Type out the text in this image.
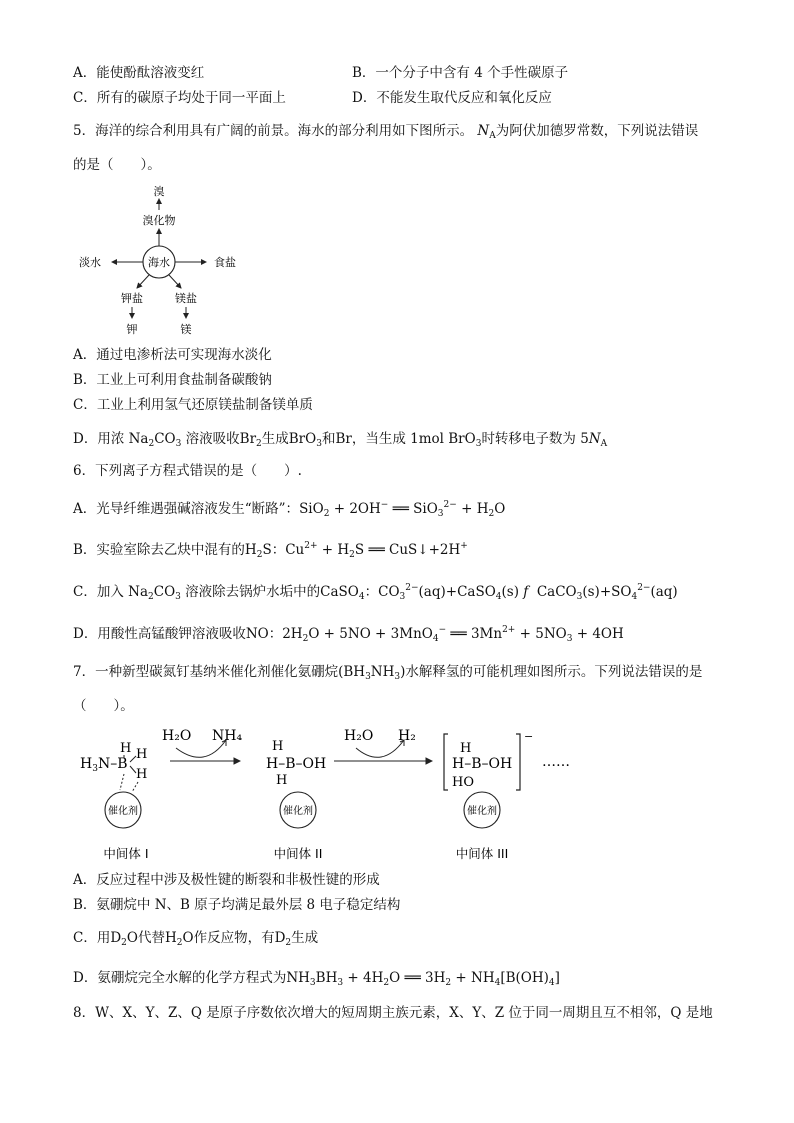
A．能使酚酞溶液变红	B．一个分子中含有 4 个手性碳原子
C．所有的碳原子均处于同一平面上	D．不能发生取代反应和氧化反应
5．海洋的综合利用具有广阔的前景。海水的部分利用如下图所示。 $N_A$为阿伏加德罗常数，下列说法错误
的是（　　）。
溴
溴化物
海水
淡水	食盐
钾盐	镁盐
钾	镁
A．通过电渗析法可实现海水淡化
B．工业上可利用食盐制备碳酸钠
C．工业上利用氢气还原镁盐制备镁单质
D．用浓 $Na_2CO_3$ 溶液吸收$Br_2$生成BrO$_3$和Br，当生成 1mol BrO$_3$时转移电子数为 $5N_A$
6．下列离子方程式错误的是（　　）.
A．光导纤维遇强碱溶液发生“断路”：SiO$_2$ + 2OH− ══ $SiO_3^{2-} + H_2O$
B．实验室除去乙炔中混有的$H_2S$：$Cu^{2+} + H_2S$ ══ CuS↓+2H+
C．加入 $Na_2CO_3$ 溶液除去锅炉水垢中的CaSO$_4$：$CO_3^{2-}(aq)+CaSO_4(s)$ f  $CaCO_3(s)+SO_4^{2-}(aq)$
D．用酸性高锰酸钾溶液吸收NO：$2H_2O + 5NO + 3MnO_4^-$ ══ $3Mn^{2+} + 5NO_3 + 4OH$
7．一种新型碳氮钉基纳米催化剂催化氨硼烷$(BH_3NH_3)$水解释氢的可能机理如图所示。下列说法错误的是
（　　）。
$H_3N-B$
H H
H
催化剂
中间体 I
H₂O NH₄
H
H–B–OH
H
催化剂
中间体 II
H₂O H₂	−
H
H–B–OH
HO
……
催化剂
中间体 III
A．反应过程中涉及极性键的断裂和非极性键的形成
B．氨硼烷中 N、B 原子均满足最外层 8 电子稳定结构
C．用$D_2O$代替$H_2O$作反应物，有$D_2$生成
D．氨硼烷完全水解的化学方程式为$NH_3BH_3 + 4H_2O$ ══ $3H_2 + NH_4[B(OH)_4]$
8．W、X、Y、Z、Q 是原子序数依次增大的短周期主族元素，X、Y、Z 位于同一周期且互不相邻，Q 是地
